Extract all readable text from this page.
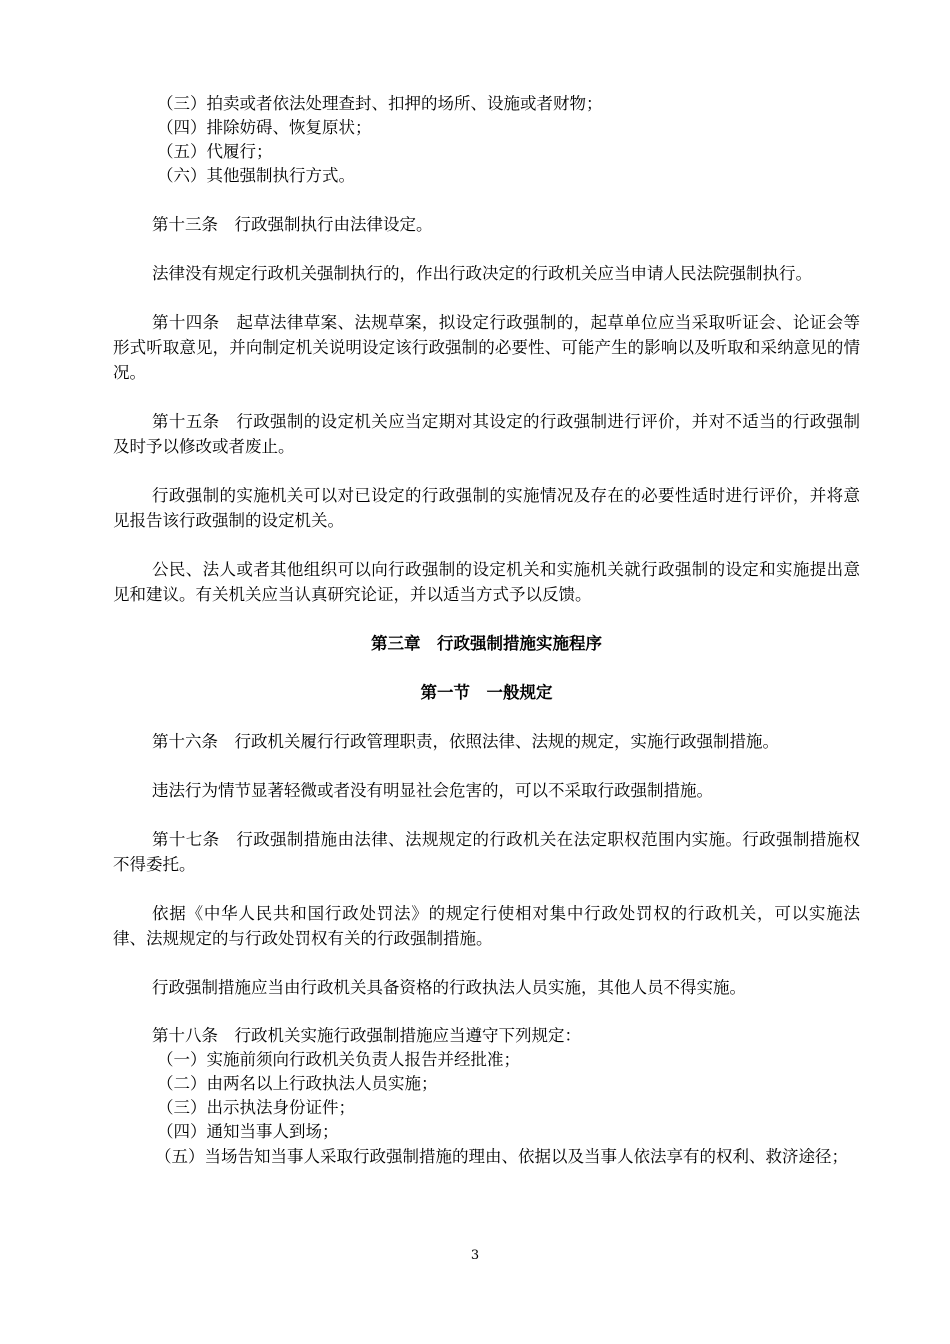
（三）拍卖或者依法处理查封、扣押的场所、设施或者财物；
（四）排除妨碍、恢复原状；
（五）代履行；
（六）其他强制执行方式。
第十三条　行政强制执行由法律设定。
法律没有规定行政机关强制执行的，作出行政决定的行政机关应当申请人民法院强制执行。
第十四条　起草法律草案、法规草案，拟设定行政强制的，起草单位应当采取听证会、论证会等形式听取意见，并向制定机关说明设定该行政强制的必要性、可能产生的影响以及听取和采纳意见的情况。
第十五条　行政强制的设定机关应当定期对其设定的行政强制进行评价，并对不适当的行政强制及时予以修改或者废止。
行政强制的实施机关可以对已设定的行政强制的实施情况及存在的必要性适时进行评价，并将意见报告该行政强制的设定机关。
公民、法人或者其他组织可以向行政强制的设定机关和实施机关就行政强制的设定和实施提出意见和建议。有关机关应当认真研究论证，并以适当方式予以反馈。
第三章　行政强制措施实施程序
第一节　一般规定
第十六条　行政机关履行行政管理职责，依照法律、法规的规定，实施行政强制措施。
违法行为情节显著轻微或者没有明显社会危害的，可以不采取行政强制措施。
第十七条　行政强制措施由法律、法规规定的行政机关在法定职权范围内实施。行政强制措施权不得委托。
依据《中华人民共和国行政处罚法》的规定行使相对集中行政处罚权的行政机关，可以实施法律、法规规定的与行政处罚权有关的行政强制措施。
行政强制措施应当由行政机关具备资格的行政执法人员实施，其他人员不得实施。
第十八条　行政机关实施行政强制措施应当遵守下列规定：
（一）实施前须向行政机关负责人报告并经批准；
（二）由两名以上行政执法人员实施；
（三）出示执法身份证件；
（四）通知当事人到场；
（五）当场告知当事人采取行政强制措施的理由、依据以及当事人依法享有的权利、救济途径；
3
